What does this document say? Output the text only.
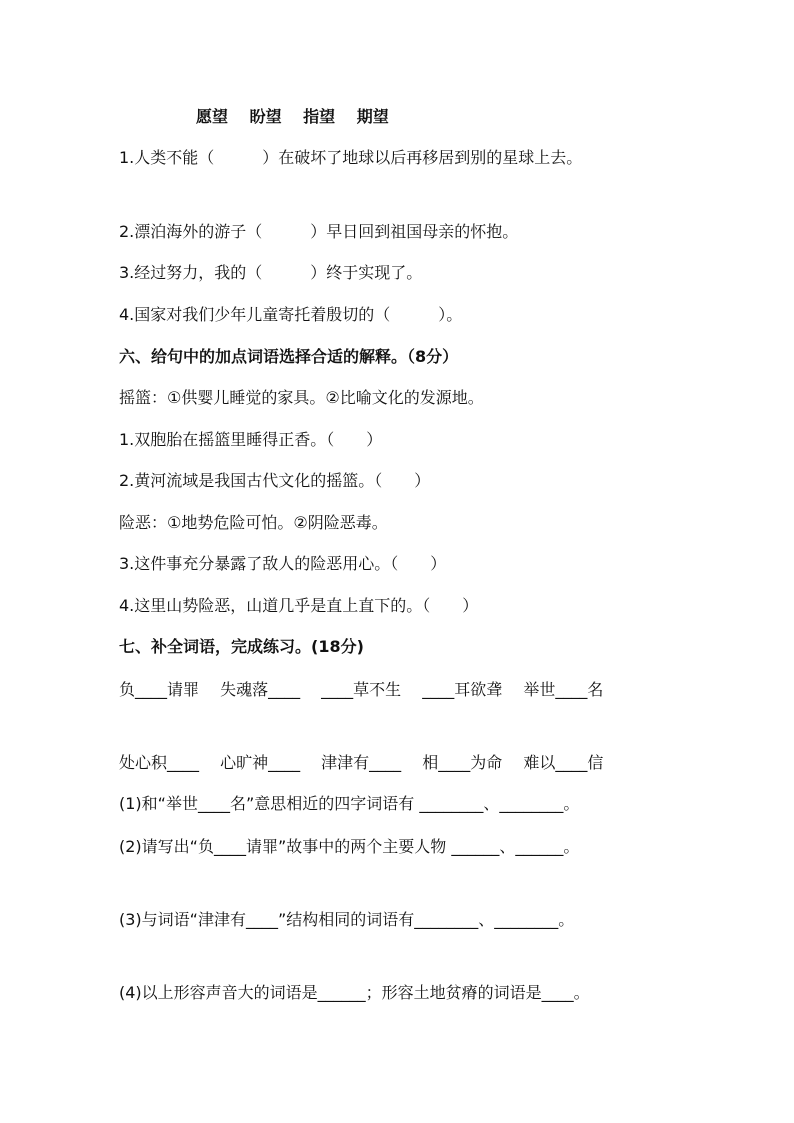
愿望　 盼望　 指望　 期望
1.人类不能（　　　）在破坏了地球以后再移居到别的星球上去。
2.漂泊海外的游子（　　　）早日回到祖国母亲的怀抱。
3.经过努力，我的（　　　）终于实现了。
4.国家对我们少年儿童寄托着殷切的（　　　）。
六、给句中的加点词语选择合适的解释。（8分）
摇篮：①供婴儿睡觉的家具。②比喻文化的发源地。
1.双胞胎在摇篮里睡得正香。（　　）
2.黄河流域是我国古代文化的摇篮。（　　）
险恶：①地势危险可怕。②阴险恶毒。
3.这件事充分暴露了敌人的险恶用心。（　　）
4.这里山势险恶，山道几乎是直上直下的。（　　）
七、补全词语，完成练习。(18分)
负____请罪　 失魂落____　 ____草不生　 ____耳欲聋　 举世____名
处心积____　 心旷神____　 津津有____　 相____为命　 难以____信
(1)和“举世____名”意思相近的四字词语有 ________、________。
(2)请写出“负____请罪”故事中的两个主要人物 ______、______。
(3)与词语“津津有____”结构相同的词语有________、________。
(4)以上形容声音大的词语是______；形容土地贫瘠的词语是____。
